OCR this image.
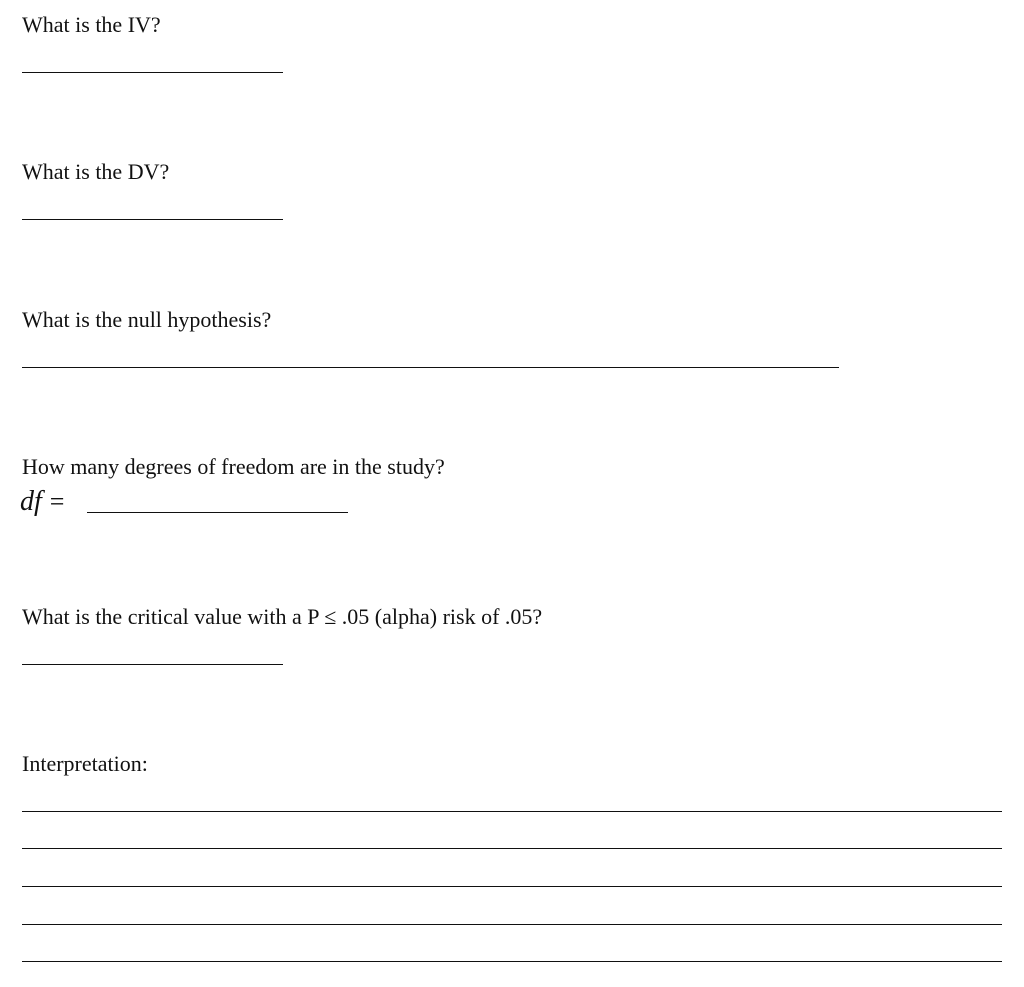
What is the IV?

What is the DV?

What is the null hypothesis?

How many degrees of freedom are in the study?

df =

What is the critical value with a P ≤ .05 (alpha) risk of .05?

Interpretation:
